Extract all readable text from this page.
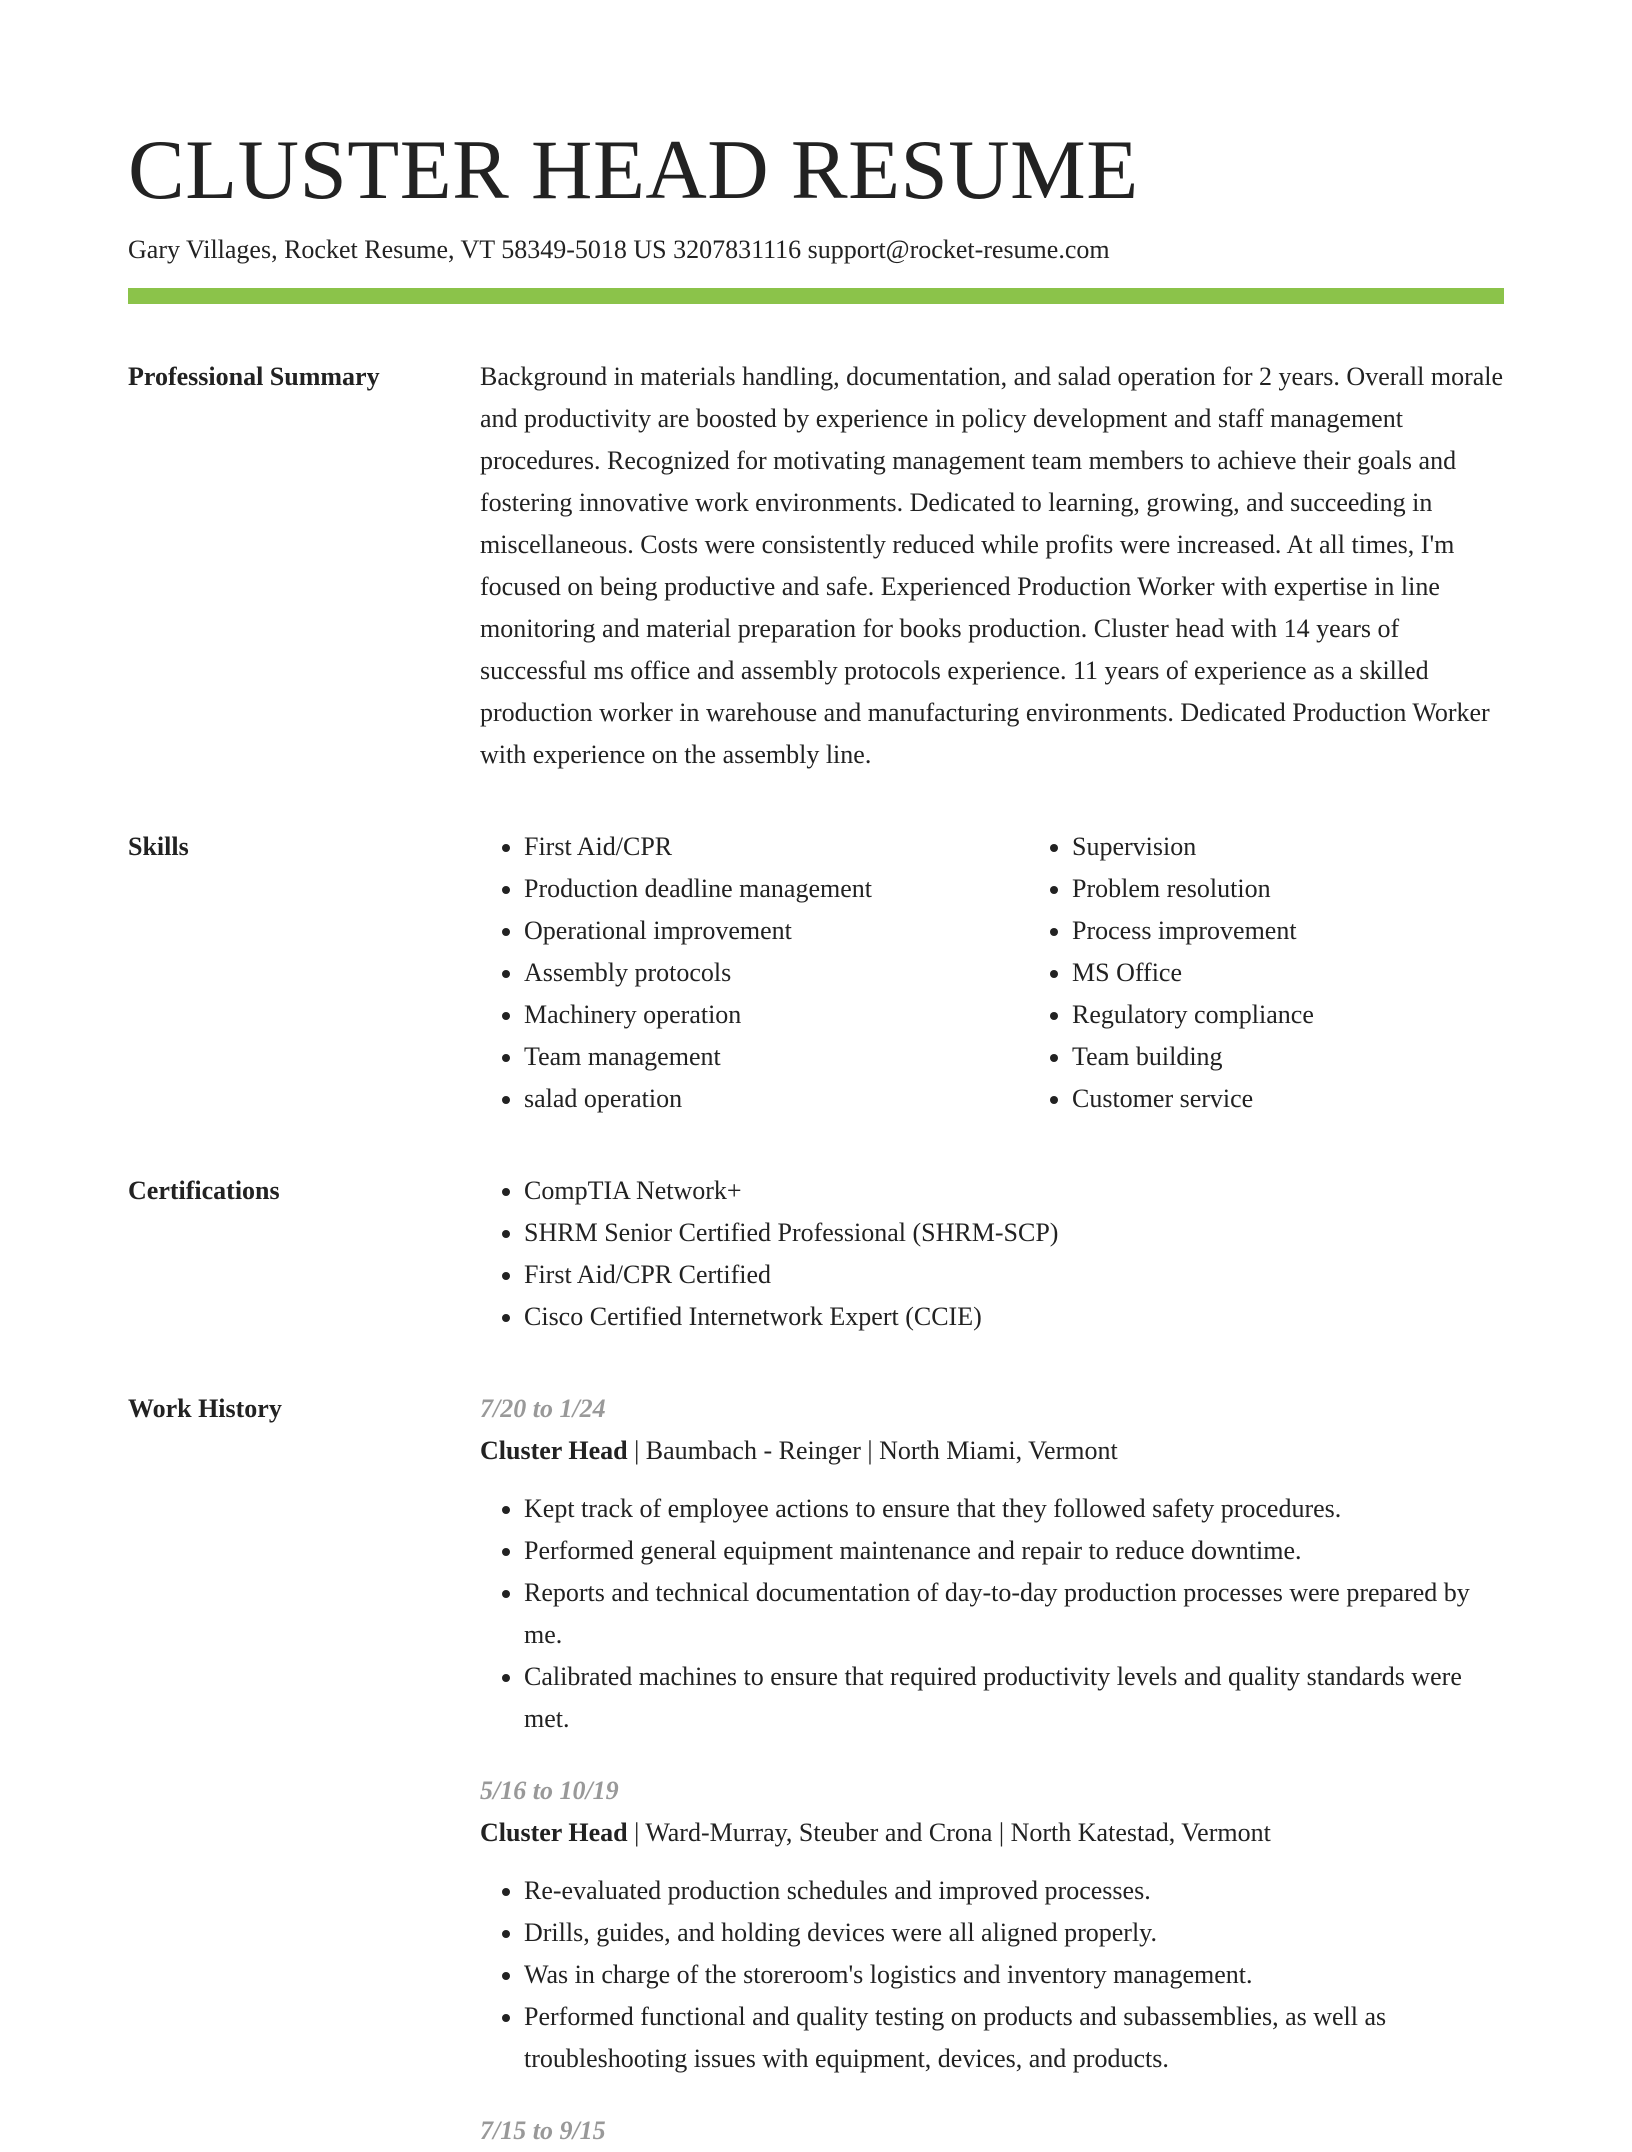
CLUSTER HEAD RESUME
Gary Villages, Rocket Resume, VT 58349-5018 US 3207831116 support@rocket-resume.com
Professional Summary	Background in materials handling, documentation, and salad operation for 2 years. Overall morale and productivity are boosted by experience in policy development and staff management procedures. Recognized for motivating management team members to achieve their goals and fostering innovative work environments. Dedicated to learning, growing, and succeeding in miscellaneous. Costs were consistently reduced while profits were increased. At all times, I'm focused on being productive and safe. Experienced Production Worker with expertise in line monitoring and material preparation for books production. Cluster head with 14 years of successful ms office and assembly protocols experience. 11 years of experience as a skilled production worker in warehouse and manufacturing environments. Dedicated Production Worker with experience on the assembly line.

Skills	• First Aid/CPR
• Production deadline management
• Operational improvement
• Assembly protocols
• Machinery operation
• Team management
• salad operation
• Supervision
• Problem resolution
• Process improvement
• MS Office
• Regulatory compliance
• Team building
• Customer service
Certifications	• CompTIA Network+
• SHRM Senior Certified Professional (SHRM-SCP)
• First Aid/CPR Certified
• Cisco Certified Internetwork Expert (CCIE)
Work History	7/20 to 1/24
Cluster Head | Baumbach - Reinger | North Miami, Vermont
• Kept track of employee actions to ensure that they followed safety procedures.
• Performed general equipment maintenance and repair to reduce downtime.
• Reports and technical documentation of day-to-day production processes were prepared by me.
• Calibrated machines to ensure that required productivity levels and quality standards were met.
5/16 to 10/19
Cluster Head | Ward-Murray, Steuber and Crona | North Katestad, Vermont
• Re-evaluated production schedules and improved processes.
• Drills, guides, and holding devices were all aligned properly.
• Was in charge of the storeroom's logistics and inventory management.
• Performed functional and quality testing on products and subassemblies, as well as troubleshooting issues with equipment, devices, and products.
7/15 to 9/15
